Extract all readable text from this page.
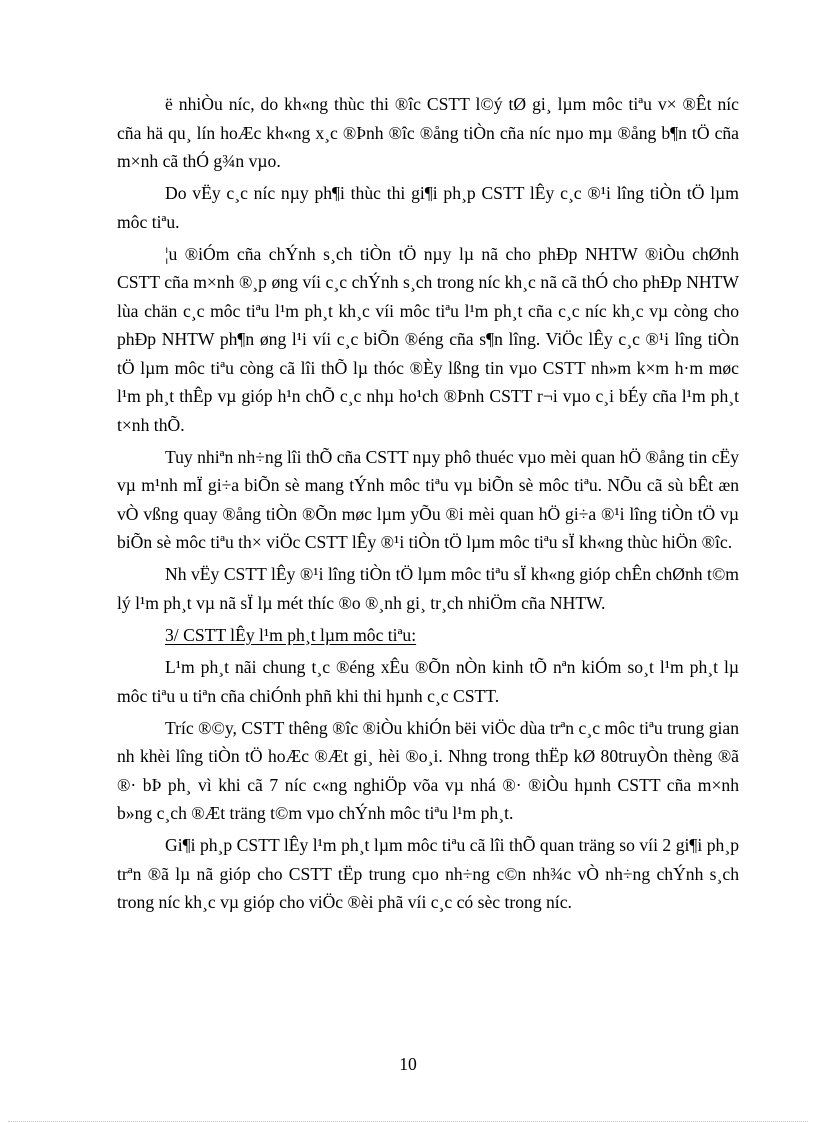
ë nhiÒu níc, do kh«ng thùc thi ®îc CSTT l©ý tØ gi¸ lµm môc tiªu v× ®Êt níc cña hä qu¸ lín hoÆc kh«ng x¸c ®Þnh ®îc ®ång tiÒn cña níc nµo mµ ®ång b¶n tÖ cña m×nh cã thÓ g¾n vµo.

Do vËy c¸c níc nµy ph¶i thùc thi gi¶i ph¸p CSTT lÊy c¸c ®¹i lîng tiÒn tÖ lµm môc tiªu.

¦u ®iÓm cña chÝnh s¸ch tiÒn tÖ nµy lµ nã cho phÐp NHTW ®iÒu chØnh CSTT cña m×nh ®¸p øng víi c¸c chÝnh s¸ch trong níc kh¸c nã cã thÓ cho phÐp NHTW lùa chän c¸c môc tiªu l¹m ph¸t kh¸c víi môc tiªu l¹m ph¸t cña c¸c níc kh¸c vµ còng cho phÐp NHTW ph¶n øng l¹i víi c¸c biÕn ®éng cña s¶n lîng. ViÖc lÊy c¸c ®¹i lîng tiÒn tÖ lµm môc tiªu còng cã lîi thÕ lµ thóc ®Èy lßng tin vµo CSTT nh»m k×m h·m møc l¹m ph¸t thÊp vµ gióp h¹n chÕ c¸c nhµ ho¹ch ®Þnh CSTT r¬i vµo c¸i bÉy cña l¹m ph¸t t×nh thÕ.

Tuy nhiªn nh÷ng lîi thÕ cña CSTT nµy phô thuéc vµo mèi quan hÖ ®ång tin cËy vµ m¹nh mÏ gi÷a biÕn sè mang tÝnh môc tiªu vµ biÕn sè môc tiªu. NÕu cã sù bÊt æn vÒ vßng quay ®ång tiÒn ®Õn møc lµm yÕu ®i mèi quan hÖ gi÷a ®¹i lîng tiÒn tÖ vµ biÕn sè môc tiªu th× viÖc CSTT lÊy ®¹i tiÒn tÖ lµm môc tiªu sÏ kh«ng thùc hiÖn ®îc.

Nh vËy CSTT lÊy ®¹i lîng tiÒn tÖ lµm môc tiªu sÏ kh«ng gióp chÊn chØnh t©m lý l¹m ph¸t vµ nã sÏ lµ mét thíc ®o ®¸nh gi¸ tr¸ch nhiÖm cña NHTW.

3/ CSTT lÊy l¹m ph¸t lµm môc tiªu:

L¹m ph¸t nãi chung t¸c ®éng xÊu ®Õn nÒn kinh tÕ nªn kiÓm so¸t l¹m ph¸t lµ môc tiªu u tiªn cña chiÓnh phñ khi thi hµnh c¸c CSTT.

Tríc ®©y, CSTT thêng ®îc ®iÒu khiÓn bëi viÖc dùa trªn c¸c môc tiªu trung gian nh khèi lîng tiÒn tÖ hoÆc ®Æt gi¸ hèi ®o¸i. Nhng trong thËp kØ 80truyÒn thèng ®ã ®· bÞ ph¸ vì khi cã 7 níc c«ng nghiÖp võa vµ nhá ®· ®iÒu hµnh CSTT cña m×nh b»ng c¸ch ®Æt träng t©m vµo chÝnh môc tiªu l¹m ph¸t.

Gi¶i ph¸p CSTT lÊy l¹m ph¸t lµm môc tiªu cã lîi thÕ quan träng so víi 2 gi¶i ph¸p trªn ®ã lµ nã gióp cho CSTT tËp trung cµo nh÷ng c©n nh¾c vÒ nh÷ng chÝnh s¸ch trong níc kh¸c vµ gióp cho viÖc ®èi phã víi c¸c có sèc trong níc.

10
